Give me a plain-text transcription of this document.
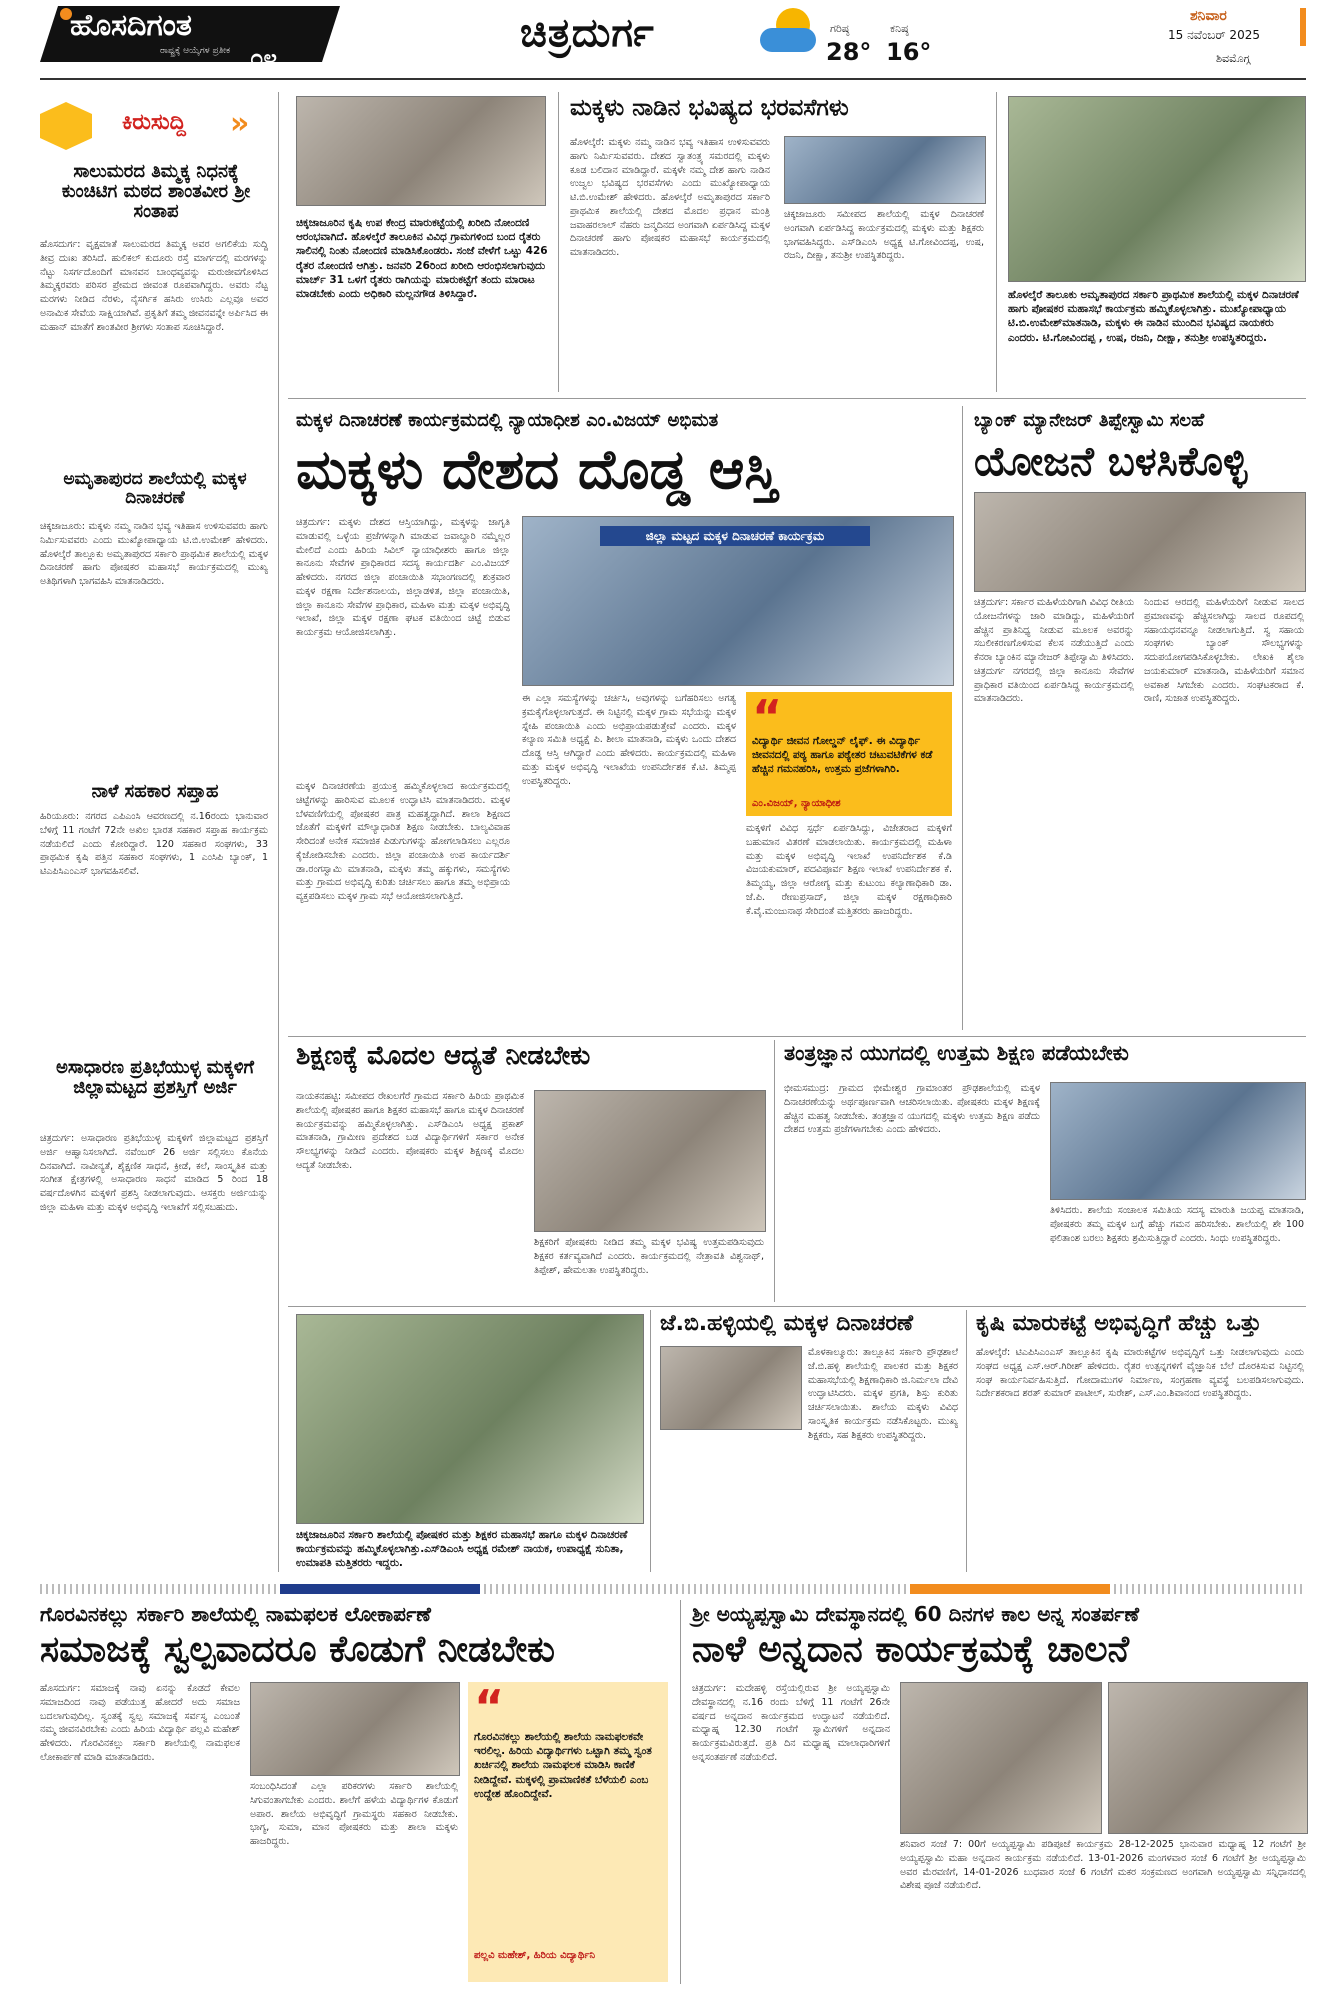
ಹೊಸದಿಗಂತ
ರಾಷ್ಟ್ರಕ್ಕೆ ಆಯ್ಕೆಗಳ ಪ್ರತೀಕ ೦೪
ಚಿತ್ರದುರ್ಗ	ಗರಿಷ್ಠ
28°
ಕನಿಷ್ಠ
16°
ಶನಿವಾರ
15 ನವೆಂಬರ್ 2025
ಶಿವಮೊಗ್ಗ
ಕಿರುಸುದ್ದಿ »
ಸಾಲುಮರದ ತಿಮ್ಮಕ್ಕ ನಿಧನಕ್ಕೆ ಕುಂಚಿಟಿಗ ಮಠದ ಶಾಂತವೀರ ಶ್ರೀ ಸಂತಾಪ
ಹೊಸದುರ್ಗ: ವೃಕ್ಷಮಾತೆ ಸಾಲುಮರದ ತಿಮ್ಮಕ್ಕ ಅವರ ಅಗಲಿಕೆಯ ಸುದ್ದಿ ತೀವ್ರ ದುಃಖ ತರಿಸಿದೆ. ಹುಲಿಕಲ್ ಕುದೂರು ರಸ್ತೆ ಮಾರ್ಗದಲ್ಲಿ ಮರಗಳನ್ನು ನೆಟ್ಟು ನಿಸರ್ಗದೊಂದಿಗೆ ಮಾನವನ ಬಾಂಧವ್ಯವನ್ನು ಮರುಜೀವಗೊಳಿಸಿದ ತಿಮ್ಮಕ್ಕರವರು ಪರಿಸರ ಪ್ರೇಮದ ಜೀವಂತ ರೂಪವಾಗಿದ್ದರು. ಅವರು ನೆಟ್ಟ ಮರಗಳು ನೀಡಿದ ನೆರಳು, ನೈಸರ್ಗಿಕ ಹಸಿರು ಉಸಿರು ಎಲ್ಲವೂ ಅವರ ಅನಾಮಿಕ ಸೇವೆಯ ಸಾಕ್ಷಿಯಾಗಿವೆ. ಪ್ರಕೃತಿಗೆ ತಮ್ಮ ಜೀವನವನ್ನೇ ಅರ್ಪಿಸಿದ ಈ ಮಹಾನ್ ಮಾತೆಗೆ ಶಾಂತವೀರ ಶ್ರೀಗಳು ಸಂತಾಪ ಸೂಚಿಸಿದ್ದಾರೆ.
ಅಮೃತಾಪುರದ ಶಾಲೆಯಲ್ಲಿ ಮಕ್ಕಳ ದಿನಾಚರಣೆ
ಚಿಕ್ಕಜಾಜೂರು: ಮಕ್ಕಳು ನಮ್ಮ ನಾಡಿನ ಭವ್ಯ ಇತಿಹಾಸ ಉಳಿಸುವವರು ಹಾಗು ನಿರ್ಮಿಸುವವರು ಎಂದು ಮುಖ್ಯೋಪಾಧ್ಯಾಯ ಟಿ.ಬಿ.ಉಮೇಶ್ ಹೇಳಿದರು. ಹೊಳಲ್ಕೆರೆ ತಾಲ್ಲೂಕು ಅಮೃತಾಪುರದ ಸರ್ಕಾರಿ ಪ್ರಾಥಮಿಕ ಶಾಲೆಯಲ್ಲಿ ಮಕ್ಕಳ ದಿನಾಚರಣೆ ಹಾಗು ಪೋಷಕರ ಮಹಾಸಭೆ ಕಾರ್ಯಕ್ರಮದಲ್ಲಿ ಮುಖ್ಯ ಅತಿಥಿಗಳಾಗಿ ಭಾಗವಹಿಸಿ ಮಾತನಾಡಿದರು.
ನಾಳೆ ಸಹಕಾರ ಸಪ್ತಾಹ
ಹಿರಿಯೂರು: ನಗರದ ಎಪಿಎಂಸಿ ಆವರಣದಲ್ಲಿ ನ.16ರಂದು ಭಾನುವಾರ ಬೆಳಿಗ್ಗೆ 11 ಗಂಟೆಗೆ 72ನೇ ಅಖಿಲ ಭಾರತ ಸಹಕಾರ ಸಪ್ತಾಹ ಕಾರ್ಯಕ್ರಮ ನಡೆಯಲಿದೆ ಎಂದು ಕೋರಿದ್ದಾರೆ. 120 ಸಹಕಾರ ಸಂಘಗಳು, 33 ಪ್ರಾಥಮಿಕ ಕೃಷಿ ಪತ್ತಿನ ಸಹಕಾರ ಸಂಘಗಳು, 1 ಎಂಸಿಪಿ ಬ್ಯಾಂಕ್, 1 ಟಿಎಪಿಸಿಎಂಎಸ್ ಭಾಗವಹಿಸಲಿವೆ.
ಅಸಾಧಾರಣ ಪ್ರತಿಭೆಯುಳ್ಳ ಮಕ್ಕಳಿಗೆ ಜಿಲ್ಲಾಮಟ್ಟದ ಪ್ರಶಸ್ತಿಗೆ ಅರ್ಜಿ
ಚಿತ್ರದುರ್ಗ: ಅಸಾಧಾರಣ ಪ್ರತಿಭೆಯುಳ್ಳ ಮಕ್ಕಳಿಗೆ ಜಿಲ್ಲಾಮಟ್ಟದ ಪ್ರಶಸ್ತಿಗೆ ಅರ್ಜಿ ಆಹ್ವಾನಿಸಲಾಗಿದೆ. ನವೆಂಬರ್ 26 ಅರ್ಜಿ ಸಲ್ಲಿಸಲು ಕೊನೆಯ ದಿನವಾಗಿದೆ. ನಾವೀನ್ಯತೆ, ಶೈಕ್ಷಣಿಕ ಸಾಧನೆ, ಕ್ರೀಡೆ, ಕಲೆ, ಸಾಂಸ್ಕೃತಿಕ ಮತ್ತು ಸಂಗೀತ ಕ್ಷೇತ್ರಗಳಲ್ಲಿ ಅಸಾಧಾರಣ ಸಾಧನೆ ಮಾಡಿದ 5 ರಿಂದ 18 ವರ್ಷದೊಳಗಿನ ಮಕ್ಕಳಿಗೆ ಪ್ರಶಸ್ತಿ ನೀಡಲಾಗುವುದು. ಆಸಕ್ತರು ಅರ್ಜಿಯನ್ನು ಜಿಲ್ಲಾ ಮಹಿಳಾ ಮತ್ತು ಮಕ್ಕಳ ಅಭಿವೃದ್ಧಿ ಇಲಾಖೆಗೆ ಸಲ್ಲಿಸಬಹುದು.
ಚಿಕ್ಕಜಾಜೂರಿನ ಕೃಷಿ ಉಪ ಕೇಂದ್ರ ಮಾರುಕಟ್ಟೆಯಲ್ಲಿ ಖರೀದಿ ನೋಂದಣಿ ಆರಂಭವಾಗಿದೆ. ಹೊಳಲ್ಕೆರೆ ತಾಲೂಕಿನ ವಿವಿಧ ಗ್ರಾಮಗಳಿಂದ ಬಂದ ರೈತರು ಸಾಲಿನಲ್ಲಿ ನಿಂತು ನೋಂದಣಿ ಮಾಡಿಸಿಕೊಂಡರು. ಸಂಜೆ ವೇಳೆಗೆ ಒಟ್ಟು 426 ರೈತರ ನೋಂದಣಿ ಆಗಿತ್ತು. ಜನವರಿ 26ರಿಂದ ಖರೀದಿ ಆರಂಭಿಸಲಾಗುವುದು ಮಾರ್ಚ್ 31 ಒಳಗೆ ರೈತರು ರಾಗಿಯನ್ನು ಮಾರುಕಟ್ಟೆಗೆ ತಂದು ಮಾರಾಟ ಮಾಡಬೇಕು ಎಂದು ಅಧಿಕಾರಿ ಮಲ್ಲನಗೌಡ ತಿಳಿಸಿದ್ದಾರೆ.
ಮಕ್ಕಳು ನಾಡಿನ ಭವಿಷ್ಯದ ಭರವಸೆಗಳು
ಹೊಳಲ್ಕೆರೆ: ಮಕ್ಕಳು ನಮ್ಮ ನಾಡಿನ ಭವ್ಯ ಇತಿಹಾಸ ಉಳಿಸುವವರು ಹಾಗು ನಿರ್ಮಿಸುವವರು. ದೇಶದ ಸ್ವಾತಂತ್ರ್ಯ ಸಮರದಲ್ಲಿ ಮಕ್ಕಳು ಕೂಡ ಬಲಿದಾನ ಮಾಡಿದ್ದಾರೆ. ಮಕ್ಕಳೇ ನಮ್ಮ ದೇಶ ಹಾಗು ನಾಡಿನ ಉಜ್ವಲ ಭವಿಷ್ಯದ ಭರವಸೆಗಳು ಎಂದು ಮುಖ್ಯೋಪಾಧ್ಯಾಯ ಟಿ.ಬಿ.ಉಮೇಶ್ ಹೇಳಿದರು. ಹೊಳಲ್ಕೆರೆ ಅಮೃತಾಪುರದ ಸರ್ಕಾರಿ ಪ್ರಾಥಮಿಕ ಶಾಲೆಯಲ್ಲಿ ದೇಶದ ಮೊದಲ ಪ್ರಧಾನ ಮಂತ್ರಿ ಜವಾಹರಲಾಲ್ ನೆಹರು ಜನ್ಮದಿನದ ಅಂಗವಾಗಿ ಏರ್ಪಡಿಸಿದ್ದ ಮಕ್ಕಳ ದಿನಾಚರಣೆ ಹಾಗು ಪೋಷಕರ ಮಹಾಸಭೆ ಕಾರ್ಯಕ್ರಮದಲ್ಲಿ ಮಾತನಾಡಿದರು.
ಚಿಕ್ಕಜಾಜೂರು ಸಮೀಪದ ಶಾಲೆಯಲ್ಲಿ ಮಕ್ಕಳ ದಿನಾಚರಣೆ ಅಂಗವಾಗಿ ಏರ್ಪಡಿಸಿದ್ದ ಕಾರ್ಯಕ್ರಮದಲ್ಲಿ ಮಕ್ಕಳು ಮತ್ತು ಶಿಕ್ಷಕರು ಭಾಗವಹಿಸಿದ್ದರು. ಎಸ್‌ಡಿಎಂಸಿ ಅಧ್ಯಕ್ಷ ಟಿ.ಗೋವಿಂದಪ್ಪ, ಉಷ, ರಜನಿ, ದೀಕ್ಷಾ, ತನುಶ್ರೀ ಉಪಸ್ಥಿತರಿದ್ದರು.
ಹೊಳಲ್ಕೆರೆ ತಾಲೂಕು ಅಮೃತಾಪುರದ ಸರ್ಕಾರಿ ಪ್ರಾಥಮಿಕ ಶಾಲೆಯಲ್ಲಿ ಮಕ್ಕಳ ದಿನಾಚರಣೆ ಹಾಗು ಪೋಷಕರ ಮಹಾಸಭೆ ಕಾರ್ಯಕ್ರಮ ಹಮ್ಮಿಕೊಳ್ಳಲಾಗಿತ್ತು. ಮುಖ್ಯೋಪಾಧ್ಯಾಯ ಟಿ.ಬಿ.ಉಮೇಶ್‌ಮಾತನಾಡಿ, ಮಕ್ಕಳು ಈ ನಾಡಿನ ಮುಂದಿನ ಭವಿಷ್ಯದ ನಾಯಕರು ಎಂದರು. ಟಿ.ಗೋವಿಂದಪ್ಪ , ಉಷ, ರಜನಿ, ದೀಕ್ಷಾ, ತನುಶ್ರೀ ಉಪಸ್ಥಿತರಿದ್ದರು.
ಮಕ್ಕಳ ದಿನಾಚರಣೆ ಕಾರ್ಯಕ್ರಮದಲ್ಲಿ ನ್ಯಾಯಾಧೀಶ ಎಂ.ವಿಜಯ್ ಅಭಿಮತ
ಮಕ್ಕಳು ದೇಶದ ದೊಡ್ಡ ಆಸ್ತಿ
ಚಿತ್ರದುರ್ಗ: ಮಕ್ಕಳು ದೇಶದ ಆಸ್ತಿಯಾಗಿದ್ದು, ಮಕ್ಕಳನ್ನು ಜಾಗೃತಿ ಮಾಡುವಲ್ಲಿ ಒಳ್ಳೆಯ ಪ್ರಜೆಗಳನ್ನಾಗಿ ಮಾಡುವ ಜವಾಬ್ದಾರಿ ನಮ್ಮೆಲ್ಲರ ಮೇಲಿದೆ ಎಂದು ಹಿರಿಯ ಸಿವಿಲ್ ನ್ಯಾಯಾಧೀಶರು ಹಾಗೂ ಜಿಲ್ಲಾ ಕಾನೂನು ಸೇವೆಗಳ ಪ್ರಾಧಿಕಾರದ ಸದಸ್ಯ ಕಾರ್ಯದರ್ಶಿ ಎಂ.ವಿಜಯ್ ಹೇಳಿದರು. ನಗರದ ಜಿಲ್ಲಾ ಪಂಚಾಯಿತಿ ಸಭಾಂಗಣದಲ್ಲಿ ಶುಕ್ರವಾರ ಮಕ್ಕಳ ರಕ್ಷಣಾ ನಿರ್ದೇಶನಾಲಯ, ಜಿಲ್ಲಾಡಳಿತ, ಜಿಲ್ಲಾ ಪಂಚಾಯಿತಿ, ಜಿಲ್ಲಾ ಕಾನೂನು ಸೇವೆಗಳ ಪ್ರಾಧಿಕಾರ, ಮಹಿಳಾ ಮತ್ತು ಮಕ್ಕಳ ಅಭಿವೃದ್ಧಿ ಇಲಾಖೆ, ಜಿಲ್ಲಾ ಮಕ್ಕಳ ರಕ್ಷಣಾ ಘಟಕ ವತಿಯಿಂದ ಚಿಟ್ಟೆ ಬಿಡುವ ಕಾರ್ಯಕ್ರಮ ಆಯೋಜಿಸಲಾಗಿತ್ತು.
ಜಿಲ್ಲಾ ಮಟ್ಟದ ಮಕ್ಕಳ ದಿನಾಚರಣೆ ಕಾರ್ಯಕ್ರಮ
ಈ ಎಲ್ಲಾ ಸಮಸ್ಯೆಗಳನ್ನು ಚರ್ಚಿಸಿ, ಅವುಗಳನ್ನು ಬಗೆಹರಿಸಲು ಅಗತ್ಯ ಕ್ರಮಕೈಗೊಳ್ಳಲಾಗುತ್ತದೆ. ಈ ನಿಟ್ಟಿನಲ್ಲಿ ಮಕ್ಕಳ ಗ್ರಾಮ ಸಭೆಯನ್ನು ಮಕ್ಕಳ ಸ್ನೇಹಿ ಪಂಚಾಯಿತಿ ಎಂದು ಅಭಿಪ್ರಾಯಪಡುತ್ತೇವೆ ಎಂದರು. ಮಕ್ಕಳ ಕಲ್ಯಾಣ ಸಮಿತಿ ಅಧ್ಯಕ್ಷೆ ಪಿ. ಶೀಲಾ ಮಾತನಾಡಿ, ಮಕ್ಕಳು ಒಂದು ದೇಶದ ದೊಡ್ಡ ಆಸ್ತಿ ಆಗಿದ್ದಾರೆ ಎಂದು ಹೇಳಿದರು. ಕಾರ್ಯಕ್ರಮದಲ್ಲಿ ಮಹಿಳಾ ಮತ್ತು ಮಕ್ಕಳ ಅಭಿವೃದ್ಧಿ ಇಲಾಖೆಯ ಉಪನಿರ್ದೇಶಕ ಕೆ.ಟಿ. ತಿಮ್ಮಪ್ಪ ಉಪಸ್ಥಿತರಿದ್ದರು.
“
ವಿದ್ಯಾರ್ಥಿ ಜೀವನ ಗೋಲ್ಡನ್ ಲೈಫ್. ಈ ವಿದ್ಯಾರ್ಥಿ ಜೀವನದಲ್ಲಿ ಪಠ್ಯ ಹಾಗೂ ಪಠ್ಯೇತರ ಚಟುವಟಿಕೆಗಳ ಕಡೆ ಹೆಚ್ಚಿನ ಗಮನಹರಿಸಿ, ಉತ್ತಮ ಪ್ರಜೆಗಳಾಗಿರಿ.
ಎಂ.ವಿಜಯ್, ನ್ಯಾಯಾಧೀಶ
ಮಕ್ಕಳಿಗೆ ವಿವಿಧ ಸ್ಪರ್ಧೆ ಏರ್ಪಡಿಸಿದ್ದು, ವಿಜೇತರಾದ ಮಕ್ಕಳಿಗೆ ಬಹುಮಾನ ವಿತರಣೆ ಮಾಡಲಾಯಿತು. ಕಾರ್ಯಕ್ರಮದಲ್ಲಿ ಮಹಿಳಾ ಮತ್ತು ಮಕ್ಕಳ ಅಭಿವೃದ್ಧಿ ಇಲಾಖೆ ಉಪನಿರ್ದೇಶಕ ಕೆ.ಡಿ ವಿಜಯಕುಮಾರ್, ಪದವಿಪೂರ್ವ ಶಿಕ್ಷಣ ಇಲಾಖೆ ಉಪನಿರ್ದೇಶಕ ಕೆ. ತಿಮ್ಮಯ್ಯ, ಜಿಲ್ಲಾ ಆರೋಗ್ಯ ಮತ್ತು ಕುಟುಂಬ ಕಲ್ಯಾಣಾಧಿಕಾರಿ ಡಾ. ಜೆ.ಪಿ. ರೇಣುಪ್ರಸಾದ್, ಜಿಲ್ಲಾ ಮಕ್ಕಳ ರಕ್ಷಣಾಧಿಕಾರಿ ಕೆ.ವೈ.ಮಂಜುನಾಥ ಸೇರಿದಂತೆ ಮತ್ತಿತರರು ಹಾಜರಿದ್ದರು.
ಮಕ್ಕಳ ದಿನಾಚರಣೆಯ ಪ್ರಯುಕ್ತ ಹಮ್ಮಿಕೊಳ್ಳಲಾದ ಕಾರ್ಯಕ್ರಮದಲ್ಲಿ ಚಿಟ್ಟೆಗಳನ್ನು ಹಾರಿಸುವ ಮೂಲಕ ಉದ್ಘಾಟಿಸಿ ಮಾತನಾಡಿದರು. ಮಕ್ಕಳ ಬೆಳವಣಿಗೆಯಲ್ಲಿ ಪೋಷಕರ ಪಾತ್ರ ಮಹತ್ವದ್ದಾಗಿದೆ. ಶಾಲಾ ಶಿಕ್ಷಣದ ಜೊತೆಗೆ ಮಕ್ಕಳಿಗೆ ಮೌಲ್ಯಾಧಾರಿತ ಶಿಕ್ಷಣ ನೀಡಬೇಕು. ಬಾಲ್ಯವಿವಾಹ ಸೇರಿದಂತೆ ಅನೇಕ ಸಮಾಜಿಕ ಪಿಡುಗುಗಳನ್ನು ಹೋಗಲಾಡಿಸಲು ಎಲ್ಲರೂ ಕೈಜೋಡಿಸಬೇಕು ಎಂದರು. ಜಿಲ್ಲಾ ಪಂಚಾಯಿತಿ ಉಪ ಕಾರ್ಯದರ್ಶಿ ಡಾ.ರಂಗಸ್ವಾಮಿ ಮಾತನಾಡಿ, ಮಕ್ಕಳು ತಮ್ಮ ಹಕ್ಕುಗಳು, ಸಮಸ್ಯೆಗಳು ಮತ್ತು ಗ್ರಾಮದ ಅಭಿವೃದ್ಧಿ ಕುರಿತು ಚರ್ಚಿಸಲು ಹಾಗೂ ತಮ್ಮ ಅಭಿಪ್ರಾಯ ವ್ಯಕ್ತಪಡಿಸಲು ಮಕ್ಕಳ ಗ್ರಾಮ ಸಭೆ ಆಯೋಜಿಸಲಾಗುತ್ತಿದೆ.
ಬ್ಯಾಂಕ್ ಮ್ಯಾನೇಜರ್ ತಿಪ್ಪೇಸ್ವಾಮಿ ಸಲಹೆ
ಯೋಜನೆ ಬಳಸಿಕೊಳ್ಳಿ
ಚಿತ್ರದುರ್ಗ: ಸರ್ಕಾರ ಮಹಿಳೆಯರಿಗಾಗಿ ವಿವಿಧ ರೀತಿಯ ಯೋಜನೆಗಳನ್ನು ಜಾರಿ ಮಾಡಿದ್ದು, ಮಹಿಳೆಯರಿಗೆ ಹೆಚ್ಚಿನ ಪ್ರಾತಿನಿಧ್ಯ ನೀಡುವ ಮೂಲಕ ಅವರನ್ನು ಸಬಲೀಕರಣಗೊಳಿಸುವ ಕೆಲಸ ನಡೆಯುತ್ತಿದೆ ಎಂದು ಕೆನರಾ ಬ್ಯಾಂಕಿನ ಮ್ಯಾನೇಜರ್ ತಿಪ್ಪೇಸ್ವಾಮಿ ತಿಳಿಸಿದರು. ಚಿತ್ರದುರ್ಗ ನಗರದಲ್ಲಿ ಜಿಲ್ಲಾ ಕಾನೂನು ಸೇವೆಗಳ ಪ್ರಾಧಿಕಾರ ವತಿಯಿಂದ ಏರ್ಪಡಿಸಿದ್ದ ಕಾರ್ಯಕ್ರಮದಲ್ಲಿ ಮಾತನಾಡಿದರು.
ನಿಂದುವ ಆರದಲ್ಲಿ ಮಹಿಳೆಯರಿಗೆ ನೀಡುವ ಸಾಲದ ಪ್ರಮಾಣವನ್ನು ಹೆಚ್ಚಿಸಲಾಗಿದ್ದು ಸಾಲದ ರೂಪದಲ್ಲಿ ಸಹಾಯಧನವನ್ನೂ ನೀಡಲಾಗುತ್ತಿದೆ. ಸ್ವ ಸಹಾಯ ಸಂಘಗಳು ಬ್ಯಾಂಕ್ ಸೌಲಭ್ಯಗಳನ್ನು ಸದುಪಯೋಗಪಡಿಸಿಕೊಳ್ಳಬೇಕು. ಲೇಖಕಿ ಶೈಲಾ ಜಯಕುಮಾರ್ ಮಾತನಾಡಿ, ಮಹಿಳೆಯರಿಗೆ ಸಮಾನ ಅವಕಾಶ ಸಿಗಬೇಕು ಎಂದರು. ಸಂಘಟಕರಾದ ಕೆ. ರಾಣಿ, ಸುಜಾತ ಉಪಸ್ಥಿತರಿದ್ದರು.
ಶಿಕ್ಷಣಕ್ಕೆ ಮೊದಲ ಆದ್ಯತೆ ನೀಡಬೇಕು
ನಾಯಕನಹಟ್ಟಿ: ಸಮೀಪದ ರೇಖಲಗೆರೆ ಗ್ರಾಮದ ಸರ್ಕಾರಿ ಹಿರಿಯ ಪ್ರಾಥಮಿಕ ಶಾಲೆಯಲ್ಲಿ ಪೋಷಕರ ಹಾಗೂ ಶಿಕ್ಷಕರ ಮಹಾಸಭೆ ಹಾಗೂ ಮಕ್ಕಳ ದಿನಾಚರಣೆ ಕಾರ್ಯಕ್ರಮವನ್ನು ಹಮ್ಮಿಕೊಳ್ಳಲಾಗಿತ್ತು. ಎಸ್‌ಡಿಎಂಸಿ ಅಧ್ಯಕ್ಷ ಪ್ರಕಾಶ್ ಮಾತನಾಡಿ, ಗ್ರಾಮೀಣ ಪ್ರದೇಶದ ಬಡ ವಿದ್ಯಾರ್ಥಿಗಳಿಗೆ ಸರ್ಕಾರ ಅನೇಕ ಸೌಲಭ್ಯಗಳನ್ನು ನೀಡಿದೆ ಎಂದರು. ಪೋಷಕರು ಮಕ್ಕಳ ಶಿಕ್ಷಣಕ್ಕೆ ಮೊದಲ ಆದ್ಯತೆ ನೀಡಬೇಕು.
ಶಿಕ್ಷಕರಿಗೆ ಪೋಷಕರು ನೀಡಿದ ತಮ್ಮ ಮಕ್ಕಳ ಭವಿಷ್ಯ ಉತ್ತಮಪಡಿಸುವುದು ಶಿಕ್ಷಕರ ಕರ್ತವ್ಯವಾಗಿದೆ ಎಂದರು. ಕಾರ್ಯಕ್ರಮದಲ್ಲಿ ನೇತ್ರಾವತಿ ವಿಶ್ವನಾಥ್, ತಿಪ್ಪೇಶ್, ಹೇಮಲತಾ ಉಪಸ್ಥಿತರಿದ್ದರು.
ತಂತ್ರಜ್ಞಾನ ಯುಗದಲ್ಲಿ ಉತ್ತಮ ಶಿಕ್ಷಣ ಪಡೆಯಬೇಕು
ಭೀಮಸಮುದ್ರ: ಗ್ರಾಮದ ಭೀಮೇಶ್ವರ ಗ್ರಾಮಾಂತರ ಪ್ರೌಢಶಾಲೆಯಲ್ಲಿ ಮಕ್ಕಳ ದಿನಾಚರಣೆಯನ್ನು ಅರ್ಥಪೂರ್ಣವಾಗಿ ಆಚರಿಸಲಾಯಿತು. ಪೋಷಕರು ಮಕ್ಕಳ ಶಿಕ್ಷಣಕ್ಕೆ ಹೆಚ್ಚಿನ ಮಹತ್ವ ನೀಡಬೇಕು. ತಂತ್ರಜ್ಞಾನ ಯುಗದಲ್ಲಿ ಮಕ್ಕಳು ಉತ್ತಮ ಶಿಕ್ಷಣ ಪಡೆದು ದೇಶದ ಉತ್ತಮ ಪ್ರಜೆಗಳಾಗಬೇಕು ಎಂದು ಹೇಳಿದರು.
ತಿಳಿಸಿದರು. ಶಾಲೆಯ ಸಂಚಾಲಕ ಸಮಿತಿಯ ಸದಸ್ಯ ಮಾರುತಿ ಜಯಪ್ಪ ಮಾತನಾಡಿ, ಪೋಷಕರು ತಮ್ಮ ಮಕ್ಕಳ ಬಗ್ಗೆ ಹೆಚ್ಚು ಗಮನ ಹರಿಸಬೇಕು. ಶಾಲೆಯಲ್ಲಿ ಶೇ 100 ಫಲಿತಾಂಶ ಬರಲು ಶಿಕ್ಷಕರು ಶ್ರಮಿಸುತ್ತಿದ್ದಾರೆ ಎಂದರು. ಸಿಂಧು ಉಪಸ್ಥಿತರಿದ್ದರು.
ಚಿಕ್ಕಜಾಜೂರಿನ ಸರ್ಕಾರಿ ಶಾಲೆಯಲ್ಲಿ ಪೋಷಕರ ಮತ್ತು ಶಿಕ್ಷಕರ ಮಹಾಸಭೆ ಹಾಗೂ ಮಕ್ಕಳ ದಿನಾಚರಣೆ ಕಾರ್ಯಕ್ರಮವನ್ನು ಹಮ್ಮಿಕೊಳ್ಳಲಾಗಿತ್ತು.ಎಸ್‌ಡಿಎಂಸಿ ಅಧ್ಯಕ್ಷ ರಮೇಶ್ ನಾಯಕ, ಉಪಾಧ್ಯಕ್ಷೆ ಸುನಿತಾ, ಉಮಾಪತಿ ಮತ್ತಿತರರು ಇದ್ದರು.
ಜೆ.ಬಿ.ಹಳ್ಳಿಯಲ್ಲಿ ಮಕ್ಕಳ ದಿನಾಚರಣೆ
ಮೊಳಕಾಲ್ಮೂರು: ತಾಲ್ಲೂಕಿನ ಸರ್ಕಾರಿ ಪ್ರೌಢಶಾಲೆ ಜೆ.ಬಿ.ಹಳ್ಳಿ ಶಾಲೆಯಲ್ಲಿ ಪಾಲಕರ ಮತ್ತು ಶಿಕ್ಷಕರ ಮಹಾಸಭೆಯಲ್ಲಿ ಶಿಕ್ಷಣಾಧಿಕಾರಿ ಜಿ.ನಿರ್ಮಲಾ ದೇವಿ ಉದ್ಘಾಟಿಸಿದರು. ಮಕ್ಕಳ ಪ್ರಗತಿ, ಶಿಸ್ತು ಕುರಿತು ಚರ್ಚಿಸಲಾಯಿತು. ಶಾಲೆಯ ಮಕ್ಕಳು ವಿವಿಧ ಸಾಂಸ್ಕೃತಿಕ ಕಾರ್ಯಕ್ರಮ ನಡೆಸಿಕೊಟ್ಟರು. ಮುಖ್ಯ ಶಿಕ್ಷಕರು, ಸಹ ಶಿಕ್ಷಕರು ಉಪಸ್ಥಿತರಿದ್ದರು.
ಕೃಷಿ ಮಾರುಕಟ್ಟೆ ಅಭಿವೃದ್ಧಿಗೆ ಹೆಚ್ಚು ಒತ್ತು
ಹೊಳಲ್ಕೆರೆ: ಟಿಎಪಿಸಿಎಂಎಸ್ ತಾಲ್ಲೂಕಿನ ಕೃಷಿ ಮಾರುಕಟ್ಟೆಗಳ ಅಭಿವೃದ್ಧಿಗೆ ಒತ್ತು ನೀಡಲಾಗುವುದು ಎಂದು ಸಂಘದ ಅಧ್ಯಕ್ಷ ಎಸ್.ಆರ್.ಗಿರೀಶ್ ಹೇಳಿದರು. ರೈತರ ಉತ್ಪನ್ನಗಳಿಗೆ ವೈಜ್ಞಾನಿಕ ಬೆಲೆ ದೊರಕಿಸುವ ನಿಟ್ಟಿನಲ್ಲಿ ಸಂಘ ಕಾರ್ಯನಿರ್ವಹಿಸುತ್ತಿದೆ. ಗೋದಾಮುಗಳ ನಿರ್ಮಾಣ, ಸಂಗ್ರಹಣಾ ವ್ಯವಸ್ಥೆ ಬಲಪಡಿಸಲಾಗುವುದು. ನಿರ್ದೇಶಕರಾದ ಶರತ್ ಕುಮಾರ್ ಪಾಟೀಲ್, ಸುರೇಶ್, ಎಸ್.ಎಂ.ಶಿವಾನಂದ ಉಪಸ್ಥಿತರಿದ್ದರು.
ಗೊರವಿನಕಲ್ಲು ಸರ್ಕಾರಿ ಶಾಲೆಯಲ್ಲಿ ನಾಮಫಲಕ ಲೋಕಾರ್ಪಣೆ
ಸಮಾಜಕ್ಕೆ ಸ್ವಲ್ಪವಾದರೂ ಕೊಡುಗೆ ನೀಡಬೇಕು
ಹೊಸದುರ್ಗ: ಸಮಾಜಕ್ಕೆ ನಾವು ಏನನ್ನು ಕೊಡದೆ ಕೇವಲ ಸಮಾಜದಿಂದ ನಾವು ಪಡೆಯುತ್ತ ಹೋದರೆ ಅದು ಸಮಾಜ ಬದಲಾಗುವುದಿಲ್ಲ. ಸ್ವಂತಕ್ಕೆ ಸ್ವಲ್ಪ ಸಮಾಜಕ್ಕೆ ಸರ್ವಸ್ವ ಎಂಬಂತೆ ನಮ್ಮ ಜೀವನವಿರಬೇಕು ಎಂದು ಹಿರಿಯ ವಿದ್ಯಾರ್ಥಿ ಪಲ್ಲವಿ ಮಹೇಶ್ ಹೇಳಿದರು. ಗೊರವಿನಕಲ್ಲು ಸರ್ಕಾರಿ ಶಾಲೆಯಲ್ಲಿ ನಾಮಫಲಕ ಲೋಕಾರ್ಪಣೆ ಮಾಡಿ ಮಾತನಾಡಿದರು.
ಸಂಬಂಧಿಸಿದಂತೆ ಎಲ್ಲಾ ಪರಿಕರಗಳು ಸರ್ಕಾರಿ ಶಾಲೆಯಲ್ಲಿ ಸಿಗುವಂತಾಗಬೇಕು ಎಂದರು. ಶಾಲೆಗೆ ಹಳೆಯ ವಿದ್ಯಾರ್ಥಿಗಳ ಕೊಡುಗೆ ಅಪಾರ. ಶಾಲೆಯ ಅಭಿವೃದ್ಧಿಗೆ ಗ್ರಾಮಸ್ಥರು ಸಹಕಾರ ನೀಡಬೇಕು. ಭಾಗ್ಯ, ಸುಮಾ, ಮಾನ ಪೋಷಕರು ಮತ್ತು ಶಾಲಾ ಮಕ್ಕಳು ಹಾಜರಿದ್ದರು.
“
ಗೊರವಿನಕಲ್ಲು ಶಾಲೆಯಲ್ಲಿ ಶಾಲೆಯ ನಾಮಫಲಕವೇ ಇರಲಿಲ್ಲ. ಹಿರಿಯ ವಿದ್ಯಾರ್ಥಿಗಳು ಒಟ್ಟಾಗಿ ತಮ್ಮ ಸ್ವಂತ ಖರ್ಚಿನಲ್ಲಿ ಶಾಲೆಯ ನಾಮಫಲಕ ಮಾಡಿಸಿ ಕಾಣಿಕೆ ನೀಡಿದ್ದೇವೆ. ಮಕ್ಕಳಲ್ಲಿ ಪ್ರಾಮಾಣಿಕತೆ ಬೆಳೆಯಲಿ ಎಂಬ ಉದ್ದೇಶ ಹೊಂದಿದ್ದೇವೆ.
ಪಲ್ಲವಿ ಮಹೇಶ್, ಹಿರಿಯ ವಿದ್ಯಾರ್ಥಿನಿ
ಶ್ರೀ ಅಯ್ಯಪ್ಪಸ್ವಾಮಿ ದೇವಸ್ಥಾನದಲ್ಲಿ 60 ದಿನಗಳ ಕಾಲ ಅನ್ನ ಸಂತರ್ಪಣೆ
ನಾಳೆ ಅನ್ನದಾನ ಕಾರ್ಯಕ್ರಮಕ್ಕೆ ಚಾಲನೆ
ಚಿತ್ರದುರ್ಗ: ಮದೇಹಳ್ಳಿ ರಸ್ತೆಯಲ್ಲಿರುವ ಶ್ರೀ ಅಯ್ಯಪ್ಪಸ್ವಾಮಿ ದೇವಸ್ಥಾನದಲ್ಲಿ ನ.16 ರಂದು ಬೆಳಿಗ್ಗೆ 11 ಗಂಟೆಗೆ 26ನೇ ವರ್ಷದ ಅನ್ನದಾನ ಕಾರ್ಯಕ್ರಮದ ಉದ್ಘಾಟನೆ ನಡೆಯಲಿದೆ. ಮಧ್ಯಾಹ್ನ 12.30 ಗಂಟೆಗೆ ಸ್ವಾಮಿಗಳಿಗೆ ಅನ್ನದಾನ ಕಾರ್ಯಕ್ರಮವಿರುತ್ತದೆ. ಪ್ರತಿ ದಿನ ಮಧ್ಯಾಹ್ನ ಮಾಲಾಧಾರಿಗಳಿಗೆ ಅನ್ನಸಂತರ್ಪಣೆ ನಡೆಯಲಿದೆ.
ಶನಿವಾರ ಸಂಜೆ 7: 00ಗೆ ಅಯ್ಯಪ್ಪಸ್ವಾಮಿ ಪಡಿಪೂಜೆ ಕಾರ್ಯಕ್ರಮ 28-12-2025 ಭಾನುವಾರ ಮಧ್ಯಾಹ್ನ 12 ಗಂಟೆಗೆ ಶ್ರೀ ಅಯ್ಯಪ್ಪಸ್ವಾಮಿ ಮಹಾ ಅನ್ನದಾನ ಕಾರ್ಯಕ್ರಮ ನಡೆಯಲಿದೆ. 13-01-2026 ಮಂಗಳವಾರ ಸಂಜೆ 6 ಗಂಟೆಗೆ ಶ್ರೀ ಅಯ್ಯಪ್ಪಸ್ವಾಮಿ ಅವರ ಮೆರವಣಿಗೆ, 14-01-2026 ಬುಧವಾರ ಸಂಜೆ 6 ಗಂಟೆಗೆ ಮಕರ ಸಂಕ್ರಮಣದ ಅಂಗವಾಗಿ ಅಯ್ಯಪ್ಪಸ್ವಾಮಿ ಸನ್ನಿಧಾನದಲ್ಲಿ ವಿಶೇಷ ಪೂಜೆ ನಡೆಯಲಿದೆ.
